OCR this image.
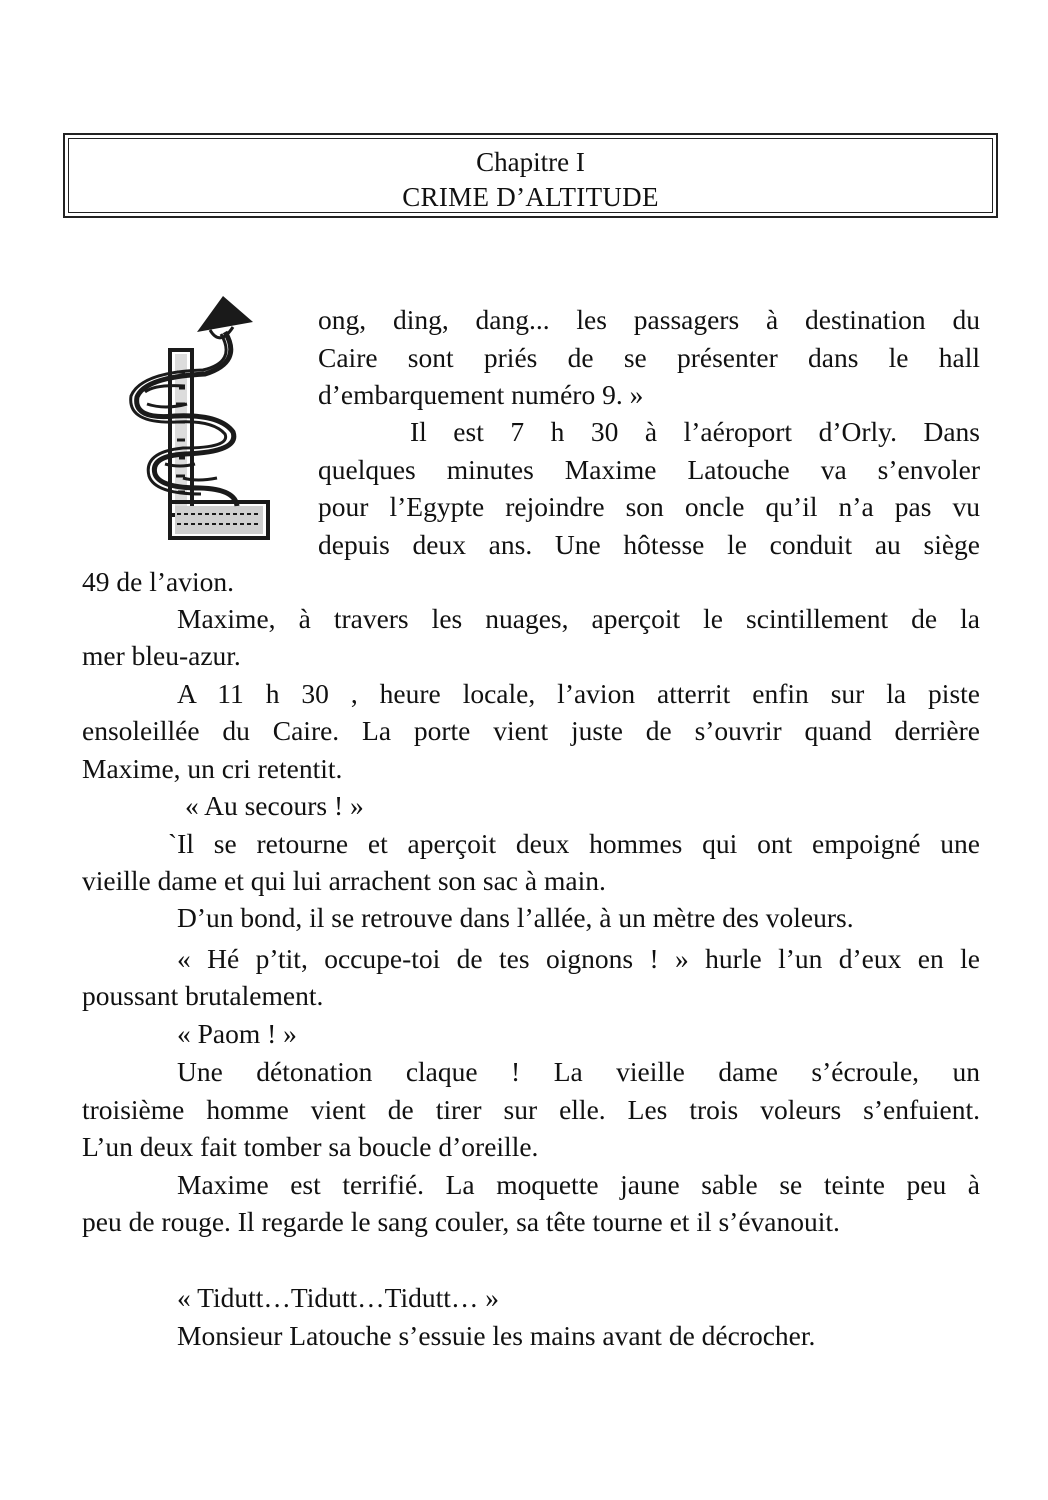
Chapitre I
CRIME D’ALTITUDE
ong, ding, dang... les passagers à destination du
Caire sont priés de se présenter dans le hall
d’embarquement numéro 9. »
Il est 7 h 30 à l’aéroport d’Orly. Dans
quelques minutes Maxime Latouche va s’envoler
pour l’Egypte rejoindre son oncle qu’il n’a pas vu
depuis deux ans. Une hôtesse le conduit au siège
49 de l’avion.
Maxime, à travers les nuages, aperçoit le scintillement de la
mer bleu-azur.
A 11 h 30 , heure locale, l’avion atterrit enfin sur la piste
ensoleillée du Caire. La porte vient juste de s’ouvrir quand derrière
Maxime, un cri retentit.
« Au secours ! »
`Il se retourne et aperçoit deux hommes qui ont empoigné une
vieille dame et qui lui arrachent son sac à main.
D’un bond, il se retrouve dans l’allée, à un mètre des voleurs.
« Hé p’tit, occupe-toi de tes oignons ! » hurle l’un d’eux en le
poussant brutalement.
« Paom ! »
Une détonation claque ! La vieille dame s’écroule, un
troisième homme vient de tirer sur elle. Les trois voleurs s’enfuient.
L’un deux fait tomber sa boucle d’oreille.
Maxime est terrifié. La moquette jaune sable se teinte peu à
peu de rouge. Il regarde le sang couler, sa tête tourne et il s’évanouit.
« Tidutt…Tidutt…Tidutt… »
Monsieur Latouche s’essuie les mains avant de décrocher.
